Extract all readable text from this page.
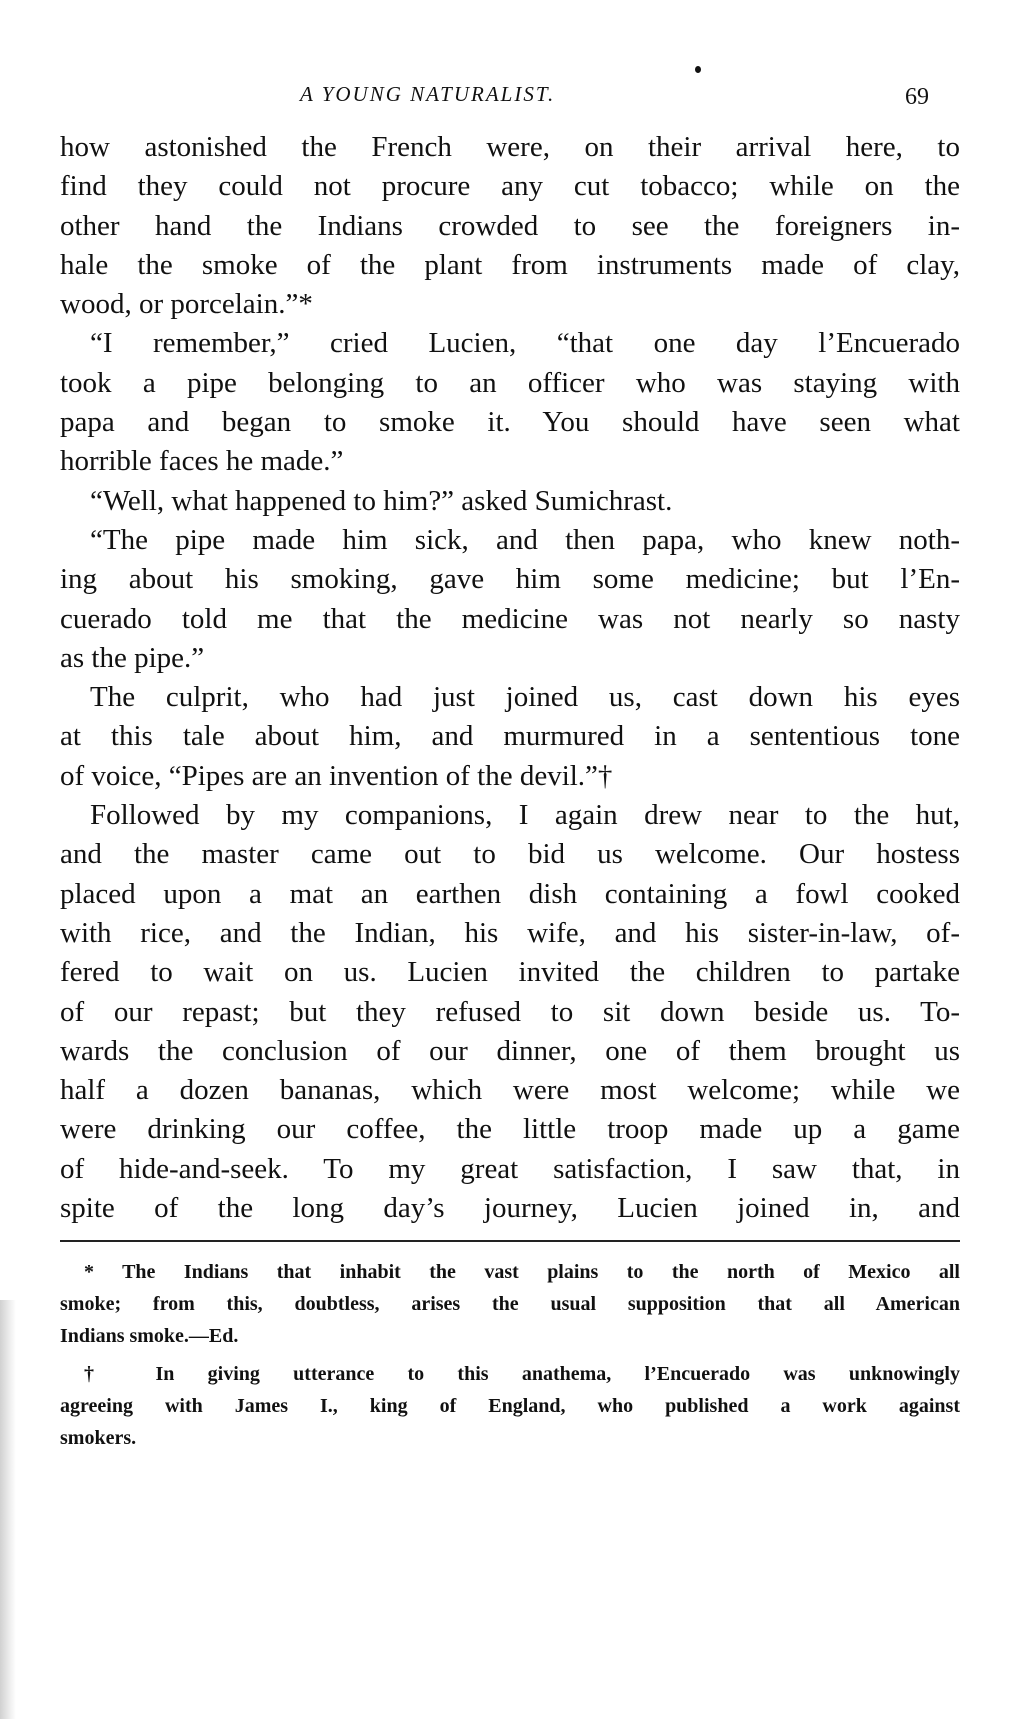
A YOUNG NATURALIST.	69
how astonished the French were, on their arrival here, to
find they could not procure any cut tobacco; while on the
other hand the Indians crowded to see the foreigners in-
hale the smoke of the plant from instruments made of clay,
wood, or porcelain.”*
“I remember,” cried Lucien, “that one day l’Encuerado
took a pipe belonging to an officer who was staying with
papa and began to smoke it. You should have seen what
horrible faces he made.”
“Well, what happened to him?” asked Sumichrast.
“The pipe made him sick, and then papa, who knew noth-
ing about his smoking, gave him some medicine; but l’En-
cuerado told me that the medicine was not nearly so nasty
as the pipe.”
The culprit, who had just joined us, cast down his eyes
at this tale about him, and murmured in a sententious tone
of voice, “Pipes are an invention of the devil.”†
Followed by my companions, I again drew near to the hut,
and the master came out to bid us welcome. Our hostess
placed upon a mat an earthen dish containing a fowl cooked
with rice, and the Indian, his wife, and his sister-in-law, of-
fered to wait on us. Lucien invited the children to partake
of our repast; but they refused to sit down beside us. To-
wards the conclusion of our dinner, one of them brought us
half a dozen bananas, which were most welcome; while we
were drinking our coffee, the little troop made up a game
of hide-and-seek. To my great satisfaction, I saw that, in
spite of the long day’s journey, Lucien joined in, and
* The Indians that inhabit the vast plains to the north of Mexico all
smoke; from this, doubtless, arises the usual supposition that all American
Indians smoke.—Ed.
† In giving utterance to this anathema, l’Encuerado was unknowingly
agreeing with James I., king of England, who published a work against
smokers.
